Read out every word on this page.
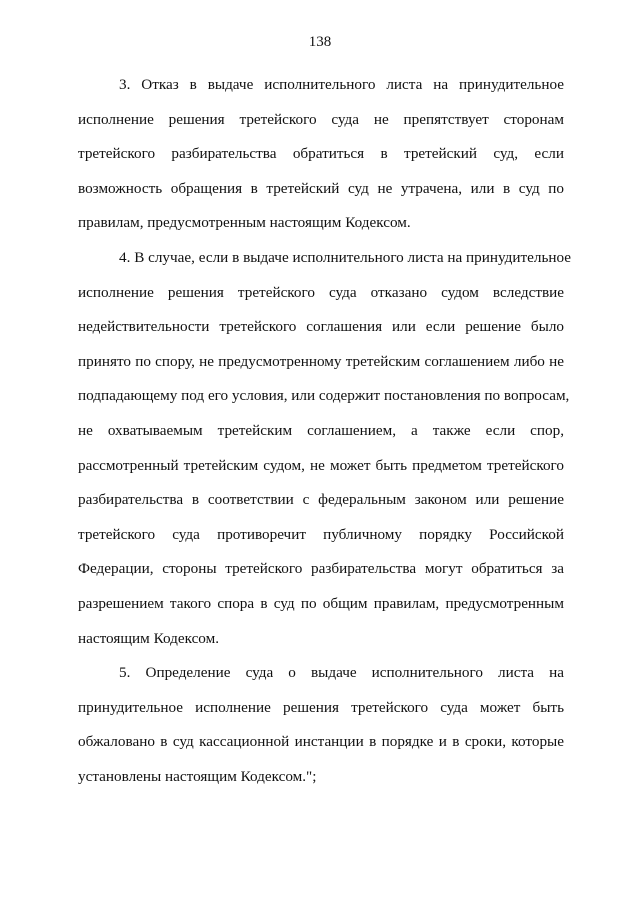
138

3. Отказ в выдаче исполнительного листа на принудительное
исполнение решения третейского суда не препятствует сторонам
третейского разбирательства обратиться в третейский суд, если
возможность обращения в третейский суд не утрачена, или в суд по
правилам, предусмотренным настоящим Кодексом.

4. В случае, если в выдаче исполнительного листа на принудительное
исполнение решения третейского суда отказано судом вследствие
недействительности третейского соглашения или если решение было
принято по спору, не предусмотренному третейским соглашением либо не
подпадающему под его условия, или содержит постановления по вопросам,
не охватываемым третейским соглашением, а также если спор,
рассмотренный третейским судом, не может быть предметом третейского
разбирательства в соответствии с федеральным законом или решение
третейского суда противоречит публичному порядку Российской
Федерации, стороны третейского разбирательства могут обратиться за
разрешением такого спора в суд по общим правилам, предусмотренным
настоящим Кодексом.

5. Определение суда о выдаче исполнительного листа на
принудительное исполнение решения третейского суда может быть
обжаловано в суд кассационной инстанции в порядке и в сроки, которые
установлены настоящим Кодексом.";
